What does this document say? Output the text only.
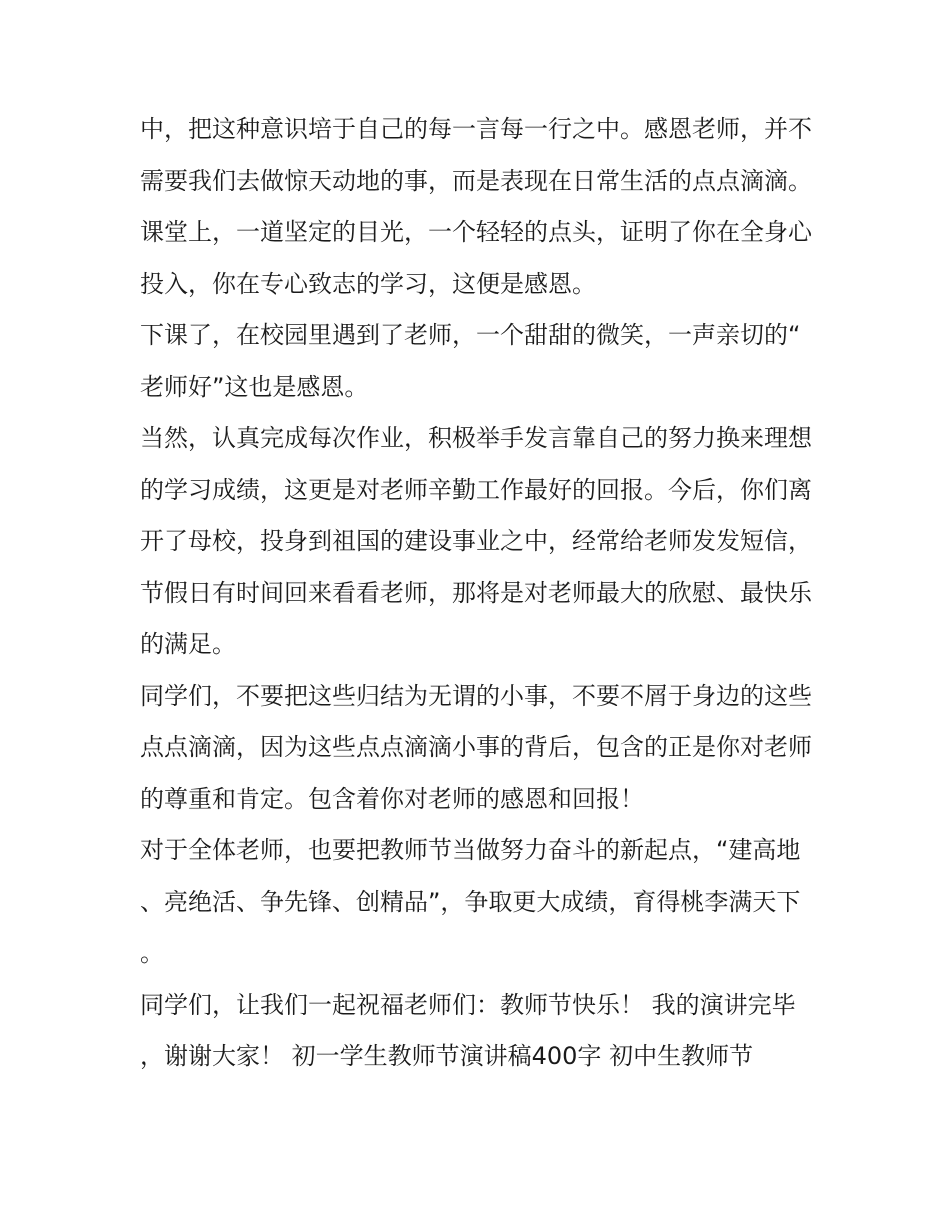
中，把这种意识培于自己的每一言每一行之中。感恩老师，并不需要我们去做惊天动地的事，而是表现在日常生活的点点滴滴。

课堂上，一道坚定的目光，一个轻轻的点头，证明了你在全身心投入，你在专心致志的学习，这便是感恩。

下课了，在校园里遇到了老师，一个甜甜的微笑，一声亲切的“老师好”这也是感恩。

当然，认真完成每次作业，积极举手发言靠自己的努力换来理想的学习成绩，这更是对老师辛勤工作最好的回报。今后，你们离开了母校，投身到祖国的建设事业之中，经常给老师发发短信，节假日有时间回来看看老师，那将是对老师最大的欣慰、最快乐的满足。

同学们，不要把这些归结为无谓的小事，不要不屑于身边的这些点点滴滴，因为这些点点滴滴小事的背后，包含的正是你对老师的尊重和肯定。包含着你对老师的感恩和回报！

对于全体老师，也要把教师节当做努力奋斗的新起点，“建高地、亮绝活、争先锋、创精品”，争取更大成绩，育得桃李满天下。

同学们，让我们一起祝福老师们：教师节快乐！ 我的演讲完毕，谢谢大家！ 初一学生教师节演讲稿400字 初中生教师节
